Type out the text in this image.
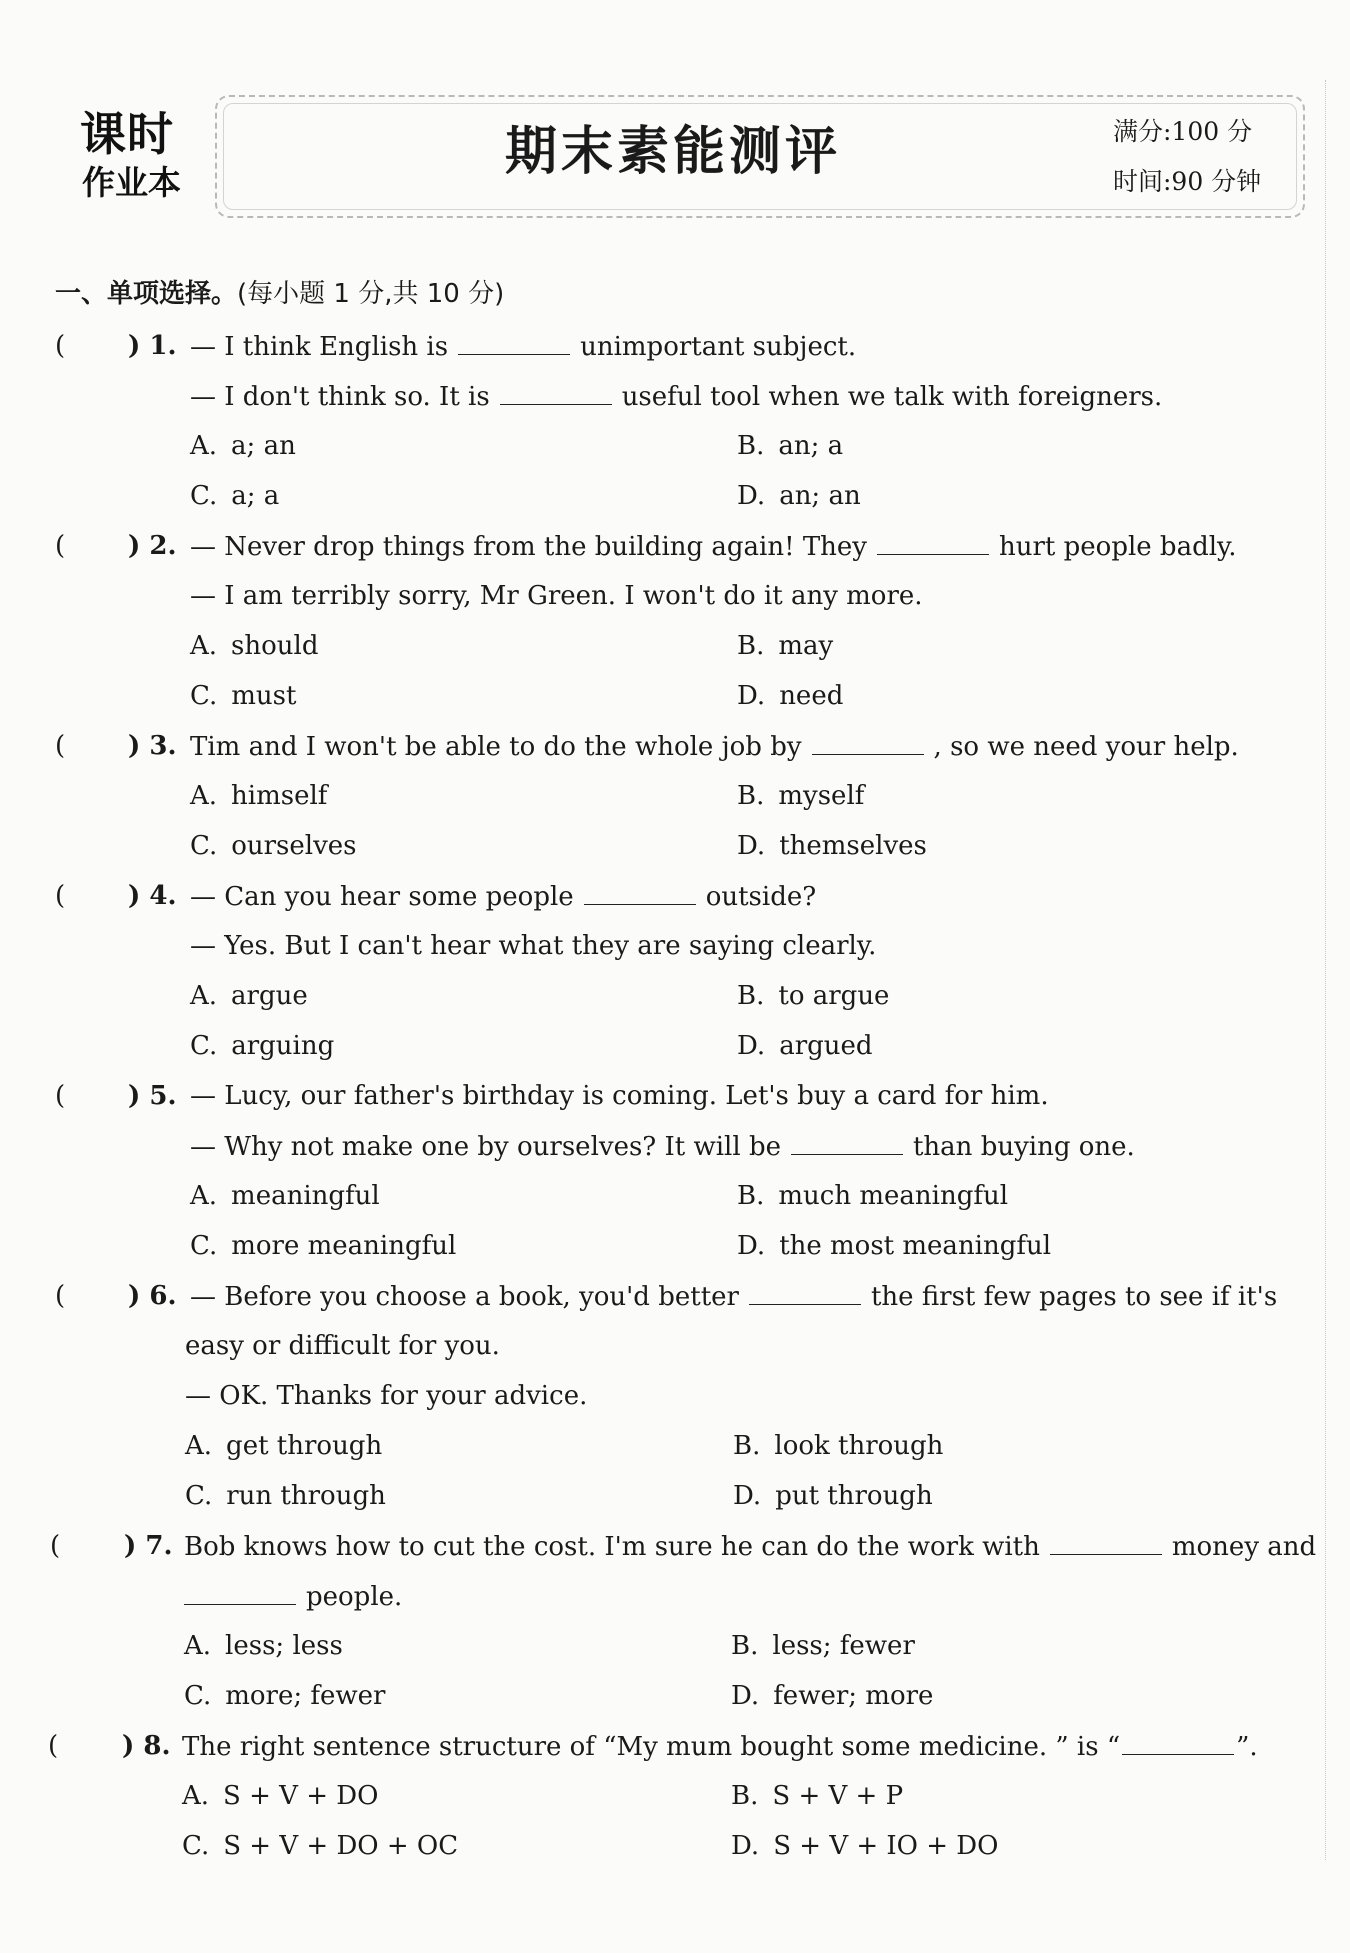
课时
作业本
期末素能测评	满分:100 分
时间:90 分钟
一、单项选择。(每小题 1 分,共 10 分)
( ) 1. — I think English is	unimportant subject.
— I don't think so. It is	useful tool when we talk with foreigners.
A. a; an	B. an; a
C. a; a	D. an; an
( ) 2. — Never drop things from the building again! They	hurt people badly.
— I am terribly sorry, Mr Green. I won't do it any more.
A. should	B. may
C. must	D. need
( ) 3. Tim and I won't be able to do the whole job by	, so we need your help.
A. himself	B. myself
C. ourselves	D. themselves
( ) 4. — Can you hear some people	outside?
— Yes. But I can't hear what they are saying clearly.
A. argue	B. to argue
C. arguing	D. argued
( ) 5. — Lucy, our father's birthday is coming. Let's buy a card for him.
— Why not make one by ourselves? It will be	than buying one.
A. meaningful	B. much meaningful
C. more meaningful	D. the most meaningful
( ) 6. — Before you choose a book, you'd better	the first few pages to see if it's
easy or difficult for you.
— OK. Thanks for your advice.
A. get through	B. look through
C. run through	D. put through
( ) 7. Bob knows how to cut the cost. I'm sure he can do the work with	money and
people.
A. less; less	B. less; fewer
C. more; fewer	D. fewer; more
( ) 8. The right sentence structure of “My mum bought some medicine. ” is “	”.
A. S + V + DO	B. S + V + P
C. S + V + DO + OC	D. S + V + IO + DO
